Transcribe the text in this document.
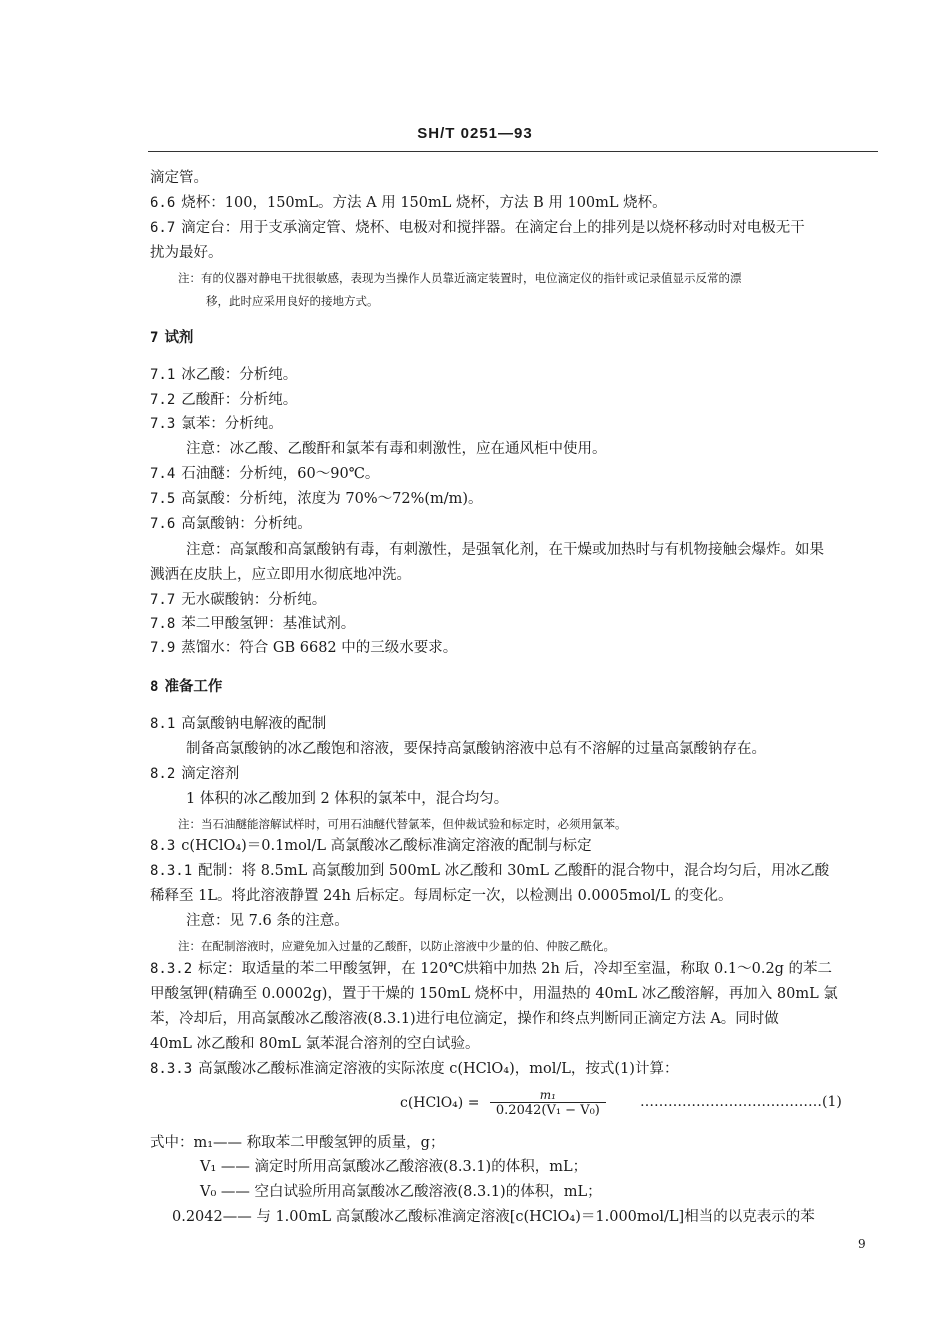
SH/T 0251—93
滴定管。
6.6 烧杯：100，150mL。方法 A 用 150mL 烧杯，方法 B 用 100mL 烧杯。
6.7 滴定台：用于支承滴定管、烧杯、电极对和搅拌器。在滴定台上的排列是以烧杯移动时对电极无干
扰为最好。
注：有的仪器对静电干扰很敏感，表现为当操作人员靠近滴定装置时，电位滴定仪的指针或记录值显示反常的漂
移，此时应采用良好的接地方式。
7 试剂
7.1 冰乙酸：分析纯。
7.2 乙酸酐：分析纯。
7.3 氯苯：分析纯。
注意：冰乙酸、乙酸酐和氯苯有毒和刺激性，应在通风柜中使用。
7.4 石油醚：分析纯，60～90℃。
7.5 高氯酸：分析纯，浓度为 70%～72%(m/m)。
7.6 高氯酸钠：分析纯。
注意：高氯酸和高氯酸钠有毒，有刺激性，是强氧化剂，在干燥或加热时与有机物接触会爆炸。如果
溅洒在皮肤上，应立即用水彻底地冲洗。
7.7 无水碳酸钠：分析纯。
7.8 苯二甲酸氢钾：基准试剂。
7.9 蒸馏水：符合 GB 6682 中的三级水要求。
8 准备工作
8.1 高氯酸钠电解液的配制
制备高氯酸钠的冰乙酸饱和溶液，要保持高氯酸钠溶液中总有不溶解的过量高氯酸钠存在。
8.2 滴定溶剂
1 体积的冰乙酸加到 2 体积的氯苯中，混合均匀。
注：当石油醚能溶解试样时，可用石油醚代替氯苯，但仲裁试验和标定时，必须用氯苯。
8.3 c(HClO₄)＝0.1mol/L 高氯酸冰乙酸标准滴定溶液的配制与标定
8.3.1 配制：将 8.5mL 高氯酸加到 500mL 冰乙酸和 30mL 乙酸酐的混合物中，混合均匀后，用冰乙酸
稀释至 1L。将此溶液静置 24h 后标定。每周标定一次，以检测出 0.0005mol/L 的变化。
注意：见 7.6 条的注意。
注：在配制溶液时，应避免加入过量的乙酸酐，以防止溶液中少量的伯、仲胺乙酰化。
8.3.2 标定：取适量的苯二甲酸氢钾，在 120℃烘箱中加热 2h 后，冷却至室温，称取 0.1～0.2g 的苯二
甲酸氢钾(精确至 0.0002g)，置于干燥的 150mL 烧杯中，用温热的 40mL 冰乙酸溶解，再加入 80mL 氯
苯，冷却后，用高氯酸冰乙酸溶液(8.3.1)进行电位滴定，操作和终点判断同正滴定方法 A。同时做
40mL 冰乙酸和 80mL 氯苯混合溶剂的空白试验。
8.3.3 高氯酸冰乙酸标准滴定溶液的实际浓度 c(HClO₄)，mol/L，按式(1)计算：
c(HClO₄) = $\frac{\text{m₁}}{\text{0.2042(V₁ − V₀)}}$ …………………………………(1)
式中：m₁—— 称取苯二甲酸氢钾的质量，g；
V₁ —— 滴定时所用高氯酸冰乙酸溶液(8.3.1)的体积，mL；
V₀ —— 空白试验所用高氯酸冰乙酸溶液(8.3.1)的体积，mL；
0.2042—— 与 1.00mL 高氯酸冰乙酸标准滴定溶液[c(HClO₄)＝1.000mol/L]相当的以克表示的苯
9
